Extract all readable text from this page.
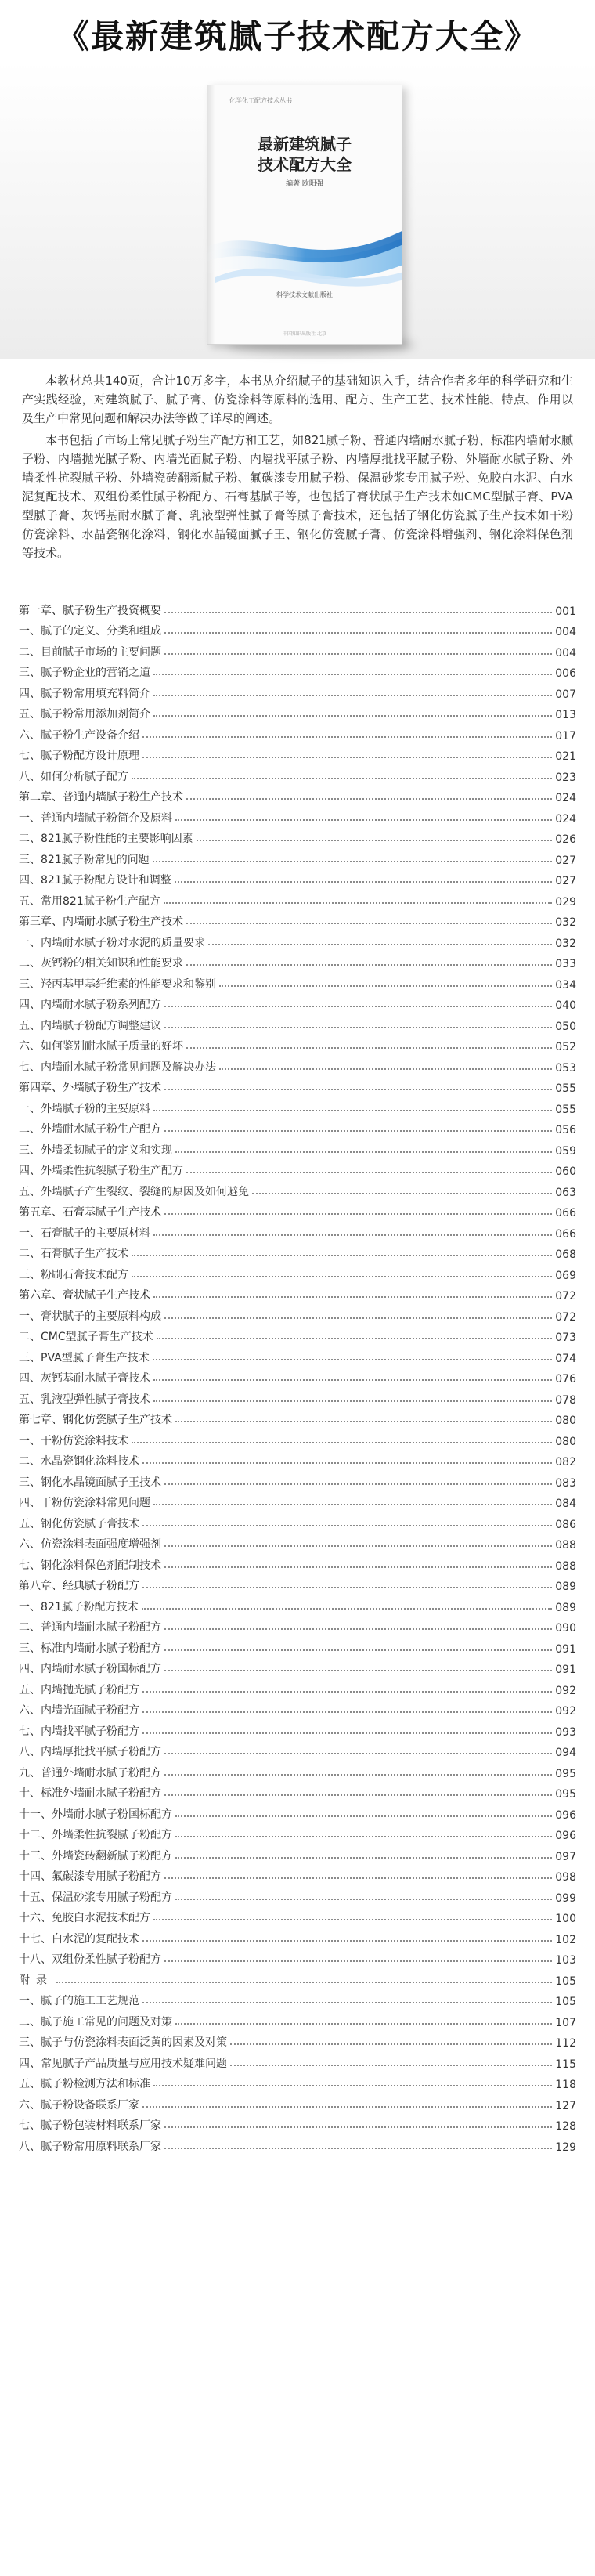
《最新建筑腻子技术配方大全》
化学化工配方技术丛书
最新建筑腻子
技术配方大全
编著 欧阳强
科学技术文献出版社
中国知识出版社 北京

本教材总共140页，合计10万多字，本书从介绍腻子的基础知识入手，结合作者多年的科学研究和生产实践经验，对建筑腻子、腻子膏、仿瓷涂料等原料的选用、配方、生产工艺、技术性能、特点、作用以及生产中常见问题和解决办法等做了详尽的阐述。

本书包括了市场上常见腻子粉生产配方和工艺，如821腻子粉、普通内墙耐水腻子粉、标准内墙耐水腻子粉、内墙抛光腻子粉、内墙光面腻子粉、内墙找平腻子粉、内墙厚批找平腻子粉、外墙耐水腻子粉、外墙柔性抗裂腻子粉、外墙瓷砖翻新腻子粉、氟碳漆专用腻子粉、保温砂浆专用腻子粉、免胶白水泥、白水泥复配技术、双组份柔性腻子粉配方、石膏基腻子等，也包括了膏状腻子生产技术如CMC型腻子膏、PVA型腻子膏、灰钙基耐水腻子膏、乳液型弹性腻子膏等腻子膏技术，还包括了钢化仿瓷腻子生产技术如干粉仿瓷涂料、水晶瓷钢化涂料、钢化水晶镜面腻子王、钢化仿瓷腻子膏、仿瓷涂料增强剂、钢化涂料保色剂等技术。

第一章、腻子粉生产投资概要	001
一、腻子的定义、分类和组成	004
二、目前腻子市场的主要问题	004
三、腻子粉企业的营销之道	006
四、腻子粉常用填充料简介	007
五、腻子粉常用添加剂简介	013
六、腻子粉生产设备介绍	017
七、腻子粉配方设计原理	021
八、如何分析腻子配方	023
第二章、普通内墙腻子粉生产技术	024
一、普通内墙腻子粉简介及原料	024
二、821腻子粉性能的主要影响因素	026
三、821腻子粉常见的问题	027
四、821腻子粉配方设计和调整	027
五、常用821腻子粉生产配方	029
第三章、内墙耐水腻子粉生产技术	032
一、内墙耐水腻子粉对水泥的质量要求	032
二、灰钙粉的相关知识和性能要求	033
三、羟丙基甲基纤维素的性能要求和鉴别	034
四、内墙耐水腻子粉系列配方	040
五、内墙腻子粉配方调整建议	050
六、如何鉴别耐水腻子质量的好坏	052
七、内墙耐水腻子粉常见问题及解决办法	053
第四章、外墙腻子粉生产技术	055
一、外墙腻子粉的主要原料	055
二、外墙耐水腻子粉生产配方	056
三、外墙柔韧腻子的定义和实现	059
四、外墙柔性抗裂腻子粉生产配方	060
五、外墙腻子产生裂纹、裂缝的原因及如何避免	063
第五章、石膏基腻子生产技术	066
一、石膏腻子的主要原材料	066
二、石膏腻子生产技术	068
三、粉刷石膏技术配方	069
第六章、膏状腻子生产技术	072
一、膏状腻子的主要原料构成	072
二、CMC型腻子膏生产技术	073
三、PVA型腻子膏生产技术	074
四、灰钙基耐水腻子膏技术	076
五、乳液型弹性腻子膏技术	078
第七章、钢化仿瓷腻子生产技术	080
一、干粉仿瓷涂料技术	080
二、水晶瓷钢化涂料技术	082
三、钢化水晶镜面腻子王技术	083
四、干粉仿瓷涂料常见问题	084
五、钢化仿瓷腻子膏技术	086
六、仿瓷涂料表面强度增强剂	088
七、钢化涂料保色剂配制技术	088
第八章、经典腻子粉配方	089
一、821腻子粉配方技术	089
二、普通内墙耐水腻子粉配方	090
三、标准内墙耐水腻子粉配方	091
四、内墙耐水腻子粉国标配方	091
五、内墙抛光腻子粉配方	092
六、内墙光面腻子粉配方	092
七、内墙找平腻子粉配方	093
八、内墙厚批找平腻子粉配方	094
九、普通外墙耐水腻子粉配方	095
十、标准外墙耐水腻子粉配方	095
十一、外墙耐水腻子粉国标配方	096
十二、外墙柔性抗裂腻子粉配方	096
十三、外墙瓷砖翻新腻子粉配方	097
十四、氟碳漆专用腻子粉配方	098
十五、保温砂浆专用腻子粉配方	099
十六、免胶白水泥技术配方	100
十七、白水泥的复配技术	102
十八、双组份柔性腻子粉配方	103
附录	105
一、腻子的施工工艺规范	105
二、腻子施工常见的问题及对策	107
三、腻子与仿瓷涂料表面泛黄的因素及对策	112
四、常见腻子产品质量与应用技术疑难问题	115
五、腻子粉检测方法和标准	118
六、腻子粉设备联系厂家	127
七、腻子粉包装材料联系厂家	128
八、腻子粉常用原料联系厂家	129
